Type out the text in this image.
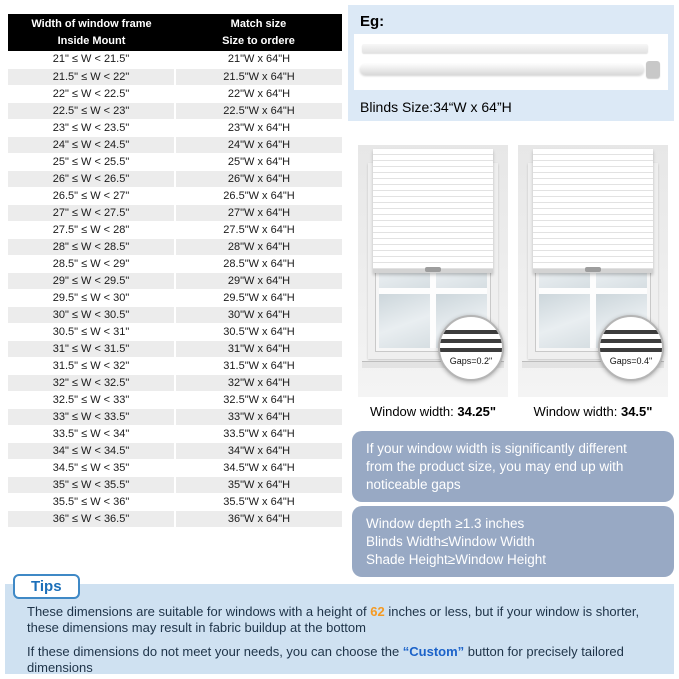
Width of window frame
Inside Mount

Match size
Size to ordere

21" ≤ W < 21.5"	21"W x 64"H
21.5" ≤ W < 22"	21.5"W x 64"H
22" ≤ W < 22.5"	22"W x 64"H
22.5" ≤ W < 23"	22.5"W x 64"H
23" ≤ W < 23.5"	23"W x 64"H
24" ≤ W < 24.5"	24"W x 64"H
25" ≤ W < 25.5"	25"W x 64"H
26" ≤ W < 26.5"	26"W x 64"H
26.5" ≤ W < 27"	26.5"W x 64"H
27" ≤ W < 27.5"	27"W x 64"H
27.5" ≤ W < 28"	27.5"W x 64"H
28" ≤ W < 28.5"	28"W x 64"H
28.5" ≤ W < 29"	28.5"W x 64"H
29" ≤ W < 29.5"	29"W x 64"H
29.5" ≤ W < 30"	29.5"W x 64"H
30" ≤ W < 30.5"	30"W x 64"H
30.5" ≤ W < 31"	30.5"W x 64"H
31" ≤ W < 31.5"	31"W x 64"H
31.5" ≤ W < 32"	31.5"W x 64"H
32" ≤ W < 32.5"	32"W x 64"H
32.5" ≤ W < 33"	32.5"W x 64"H
33" ≤ W < 33.5"	33"W x 64"H
33.5" ≤ W < 34"	33.5"W x 64"H
34" ≤ W < 34.5"	34"W x 64"H
34.5" ≤ W < 35"	34.5"W x 64"H
35" ≤ W < 35.5"	35"W x 64"H
35.5" ≤ W < 36"	35.5"W x 64"H
36" ≤ W < 36.5"	36"W x 64"H
Eg:
Blinds Size:34“W x 64”H
Gaps=0.2"	Gaps=0.4"
Window width: 34.25"	Window width: 34.5"
If your window width is significantly different
from the product size, you may end up with
noticeable gaps
Window depth ≥1.3 inches
Blinds Width≤Window Width
Shade Height≥Window Height
Tips

These dimensions are suitable for windows with a height of 62 inches or less, but if your window is shorter, these dimensions may result in fabric buildup at the bottom

If these dimensions do not meet your needs, you can choose the “Custom” button for precisely tailored dimensions
